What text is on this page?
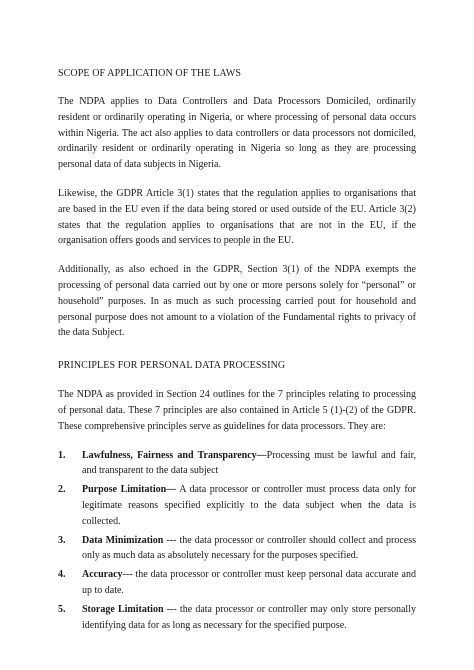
SCOPE OF APPLICATION OF THE LAWS

The NDPA applies to Data Controllers and Data Processors Domiciled, ordinarily resident or ordinarily operating in Nigeria, or where processing of personal data occurs within Nigeria. The act also applies to data controllers or data processors not domiciled, ordinarily resident or ordinarily operating in Nigeria so long as they are processing personal data of data subjects in Nigeria.

Likewise, the GDPR Article 3(1) states that the regulation applies to organisations that are based in the EU even if the data being stored or used outside of the EU. Article 3(2) states that the regulation applies to organisations that are not in the EU, if the organisation offers goods and services to people in the EU.

Additionally, as also echoed in the GDPR, Section 3(1) of the NDPA exempts the processing of personal data carried out by one or more persons solely for “personal” or household” purposes. In as much as such processing carried pout for household and personal purpose does not amount to a violation of the Fundamental rights to privacy of the data Subject.

PRINCIPLES FOR PERSONAL DATA PROCESSING

The NDPA as provided in Section 24 outlines for the 7 principles relating to processing of personal data. These 7 principles are also contained in Article 5 (1)-(2) of the GDPR. These comprehensive principles serve as guidelines for data processors. They are:

1. Lawfulness, Fairness and Transparency—Processing must be lawful and fair, and transparent to the data subject
2. Purpose Limitation— A data processor or controller must process data only for legitimate reasons specified explicitly to the data subject when the data is collected.
3. Data Minimization --- the data processor or controller should collect and process only as much data as absolutely necessary for the purposes specified.
4. Accuracy--- the data processor or controller must keep personal data accurate and up to date.
5. Storage Limitation --- the data processor or controller may only store personally identifying data for as long as necessary for the specified purpose.
